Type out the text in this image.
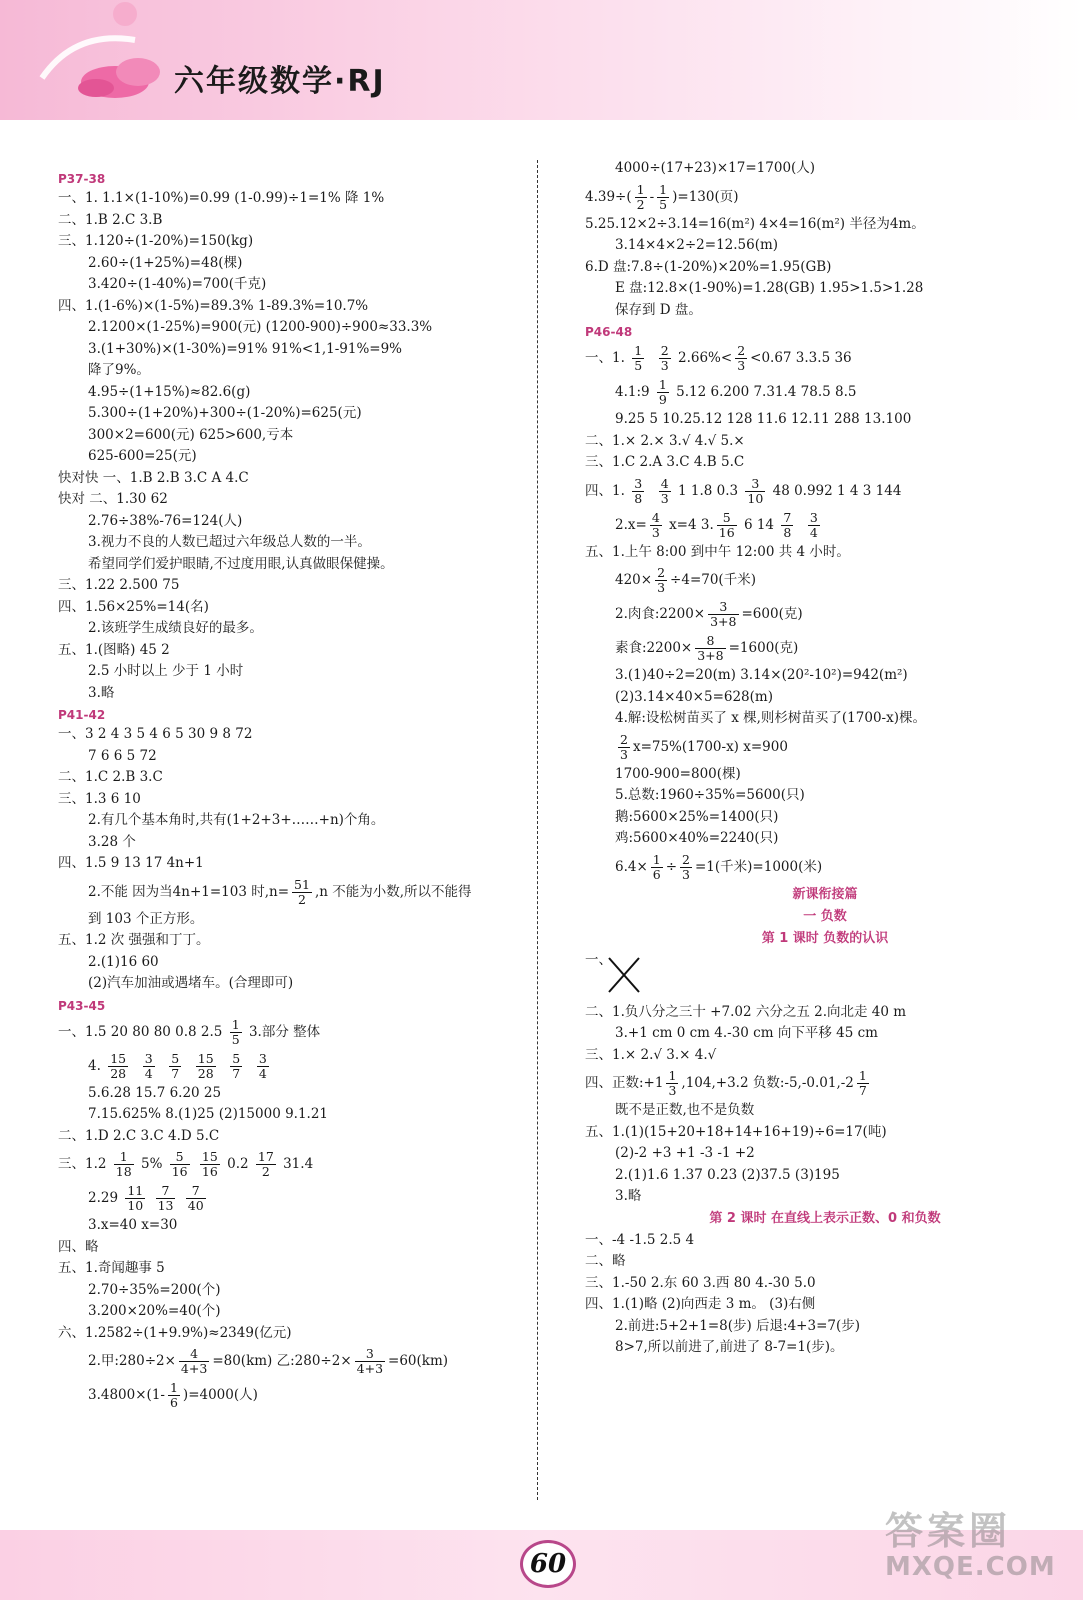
六年级数学·RJ
P37-38
一、1. 1.1×(1-10%)=0.99 (1-0.99)÷1=1% 降 1%
二、1.B 2.C 3.B
三、1.120÷(1-20%)=150(kg)
2.60÷(1+25%)=48(棵)
3.420÷(1-40%)=700(千克)
四、1.(1-6%)×(1-5%)=89.3% 1-89.3%=10.7%
2.1200×(1-25%)=900(元) (1200-900)÷900≈33.3%
3.(1+30%)×(1-30%)=91% 91%<1,1-91%=9%
降了9%。
4.95÷(1+15%)≈82.6(g)
5.300÷(1+20%)+300÷(1-20%)=625(元)
300×2=600(元) 625>600,亏本
625-600=25(元)
快对快 一、1.B 2.B 3.C A 4.C
快对 二、1.30 62
2.76÷38%-76=124(人)
3.视力不良的人数已超过六年级总人数的一半。
希望同学们爱护眼睛,不过度用眼,认真做眼保健操。
三、1.22 2.500 75
四、1.56×25%=14(名)
2.该班学生成绩良好的最多。
五、1.(图略) 45 2
2.5 小时以上 少于 1 小时
3.略
P41-42
一、3 2 4 3 5 4 6 5 30 9 8 72
7 6 6 5 72
二、1.C 2.B 3.C
三、1.3 6 10
2.有几个基本角时,共有(1+2+3+……+n)个角。
3.28 个
四、1.5 9 13 17 4n+1
2.不能 因为当4n+1=103 时$,n= \frac{51}{2} ,n$ 不能为小数,所以不能得
到 103 个正方形。
五、1.2 次 强强和丁丁。
2.(1)16 60
(2)汽车加油或遇堵车。(合理即可)
P43-45
一、1.5 20 80 80 0.8 $2.5 \frac{1}{5} 3$.部分 整体
4. $\frac{15}{28}$
$\frac{3}{4}$
$\frac{5}{7}$
$\frac{15}{28}$
$\frac{5}{7}$
$\frac{3}{4}$
5.6.28 15.7 6.20 25
7.15.625% 8.(1)25 (2)15000 9.1.21
二、1.D 2.C 3.C 4.D 5.C
三、$1.2 \frac{1}{18} 5\% \frac{5}{16}$
$\frac{15}{16} 0.2 \frac{17}{2} 31.4$
$2.29 \frac{11}{10}$
$\frac{7}{13}$
$\frac{7}{40}$
3.x=40 x=30
四、略
五、1.奇闻趣事 5
2.70÷35%=200(个)
3.200×20%=40(个)
六、1.2582÷(1+9.9%)≈2349(亿元)
2.甲:280÷2× $\frac{4}{4+3} =80(km)$ 乙:280÷2× $\frac{3}{4+3} =60(km)$
$3.4800\times(1- \frac{1}{6} )=4000$(人)
4000÷(17+23)×17=1700(人)
$4.39\div( \frac{1}{2} - \frac{1}{5} )=130$(页)
5.25.12×2÷3.14=16(m²) 4×4=16(m²) 半径为4m。
3.14×4×2÷2=12.56(m)
6.D 盘:7.8÷(1-20%)×20%=1.95(GB)
E 盘:12.8×(1-90%)=1.28(GB) 1.95>1.5>1.28
保存到 D 盘。
P46-48
一、1. $\frac{1}{5}$
$\frac{2}{3} 2.66\%< \frac{2}{3} <0.67$ 3.3.5 36
4.1:9 $\frac{1}{9} 5.12$ 6.200 7.31.4 78.5 8.5
9.25 5 10.25.12 128 11.6 12.11 288 13.100
二、1.× 2.× 3.√ 4.√ 5.×
三、1.C 2.A 3.C 4.B 5.C
四、1. $\frac{3}{8}$
$\frac{4}{3} 1$ 1.8 $0.3 \frac{3}{10} 48$ 0.992 1 4 3 144
$2.x= \frac{4}{3} x=4$ 3. $\frac{5}{16} 6$ $14 \frac{7}{8}$
$\frac{3}{4}$
五、1.上午 8:00 到中午 12:00 共 4 小时。
$420\times \frac{2}{3} \div 4=70$(千米)
2.肉食:2200× $\frac{3}{3+8} =600$(克)
素食:2200× $\frac{8}{3+8} =1600$(克)
3.(1)40÷2=20(m) 3.14×(20²-10²)=942(m²)
(2)3.14×40×5=628(m)
4.解:设松树苗买了 x 棵,则杉树苗买了(1700-x)棵。
$\frac{2}{3} x=75\%(1700-x)$ x=900
1700-900=800(棵)
5.总数:1960÷35%=5600(只)
鹅:5600×25%=1400(只)
鸡:5600×40%=2240(只)
$6.4\times \frac{1}{6} \div \frac{2}{3} =1$(千米)=1000(米)
新课衔接篇
一 负数
第 1 课时 负数的认识
一、
二、1.负八分之三十 +7.02 六分之五 2.向北走 40 m
3.+1 cm 0 cm 4.-30 cm 向下平移 45 cm
三、1.× 2.√ 3.× 4.√
四、正数:+1 $\frac{1}{3} ,104,+3.2$ 负数:-5,-0.01,-2 $\frac{1}{7}$
既不是正数,也不是负数
五、1.(1)(15+20+18+14+16+19)÷6=17(吨)
(2)-2 +3 +1 -3 -1 +2
2.(1)1.6 1.37 0.23 (2)37.5 (3)195
3.略
第 2 课时 在直线上表示正数、0 和负数
一、-4 -1.5 2.5 4
二、略
三、1.-50 2.东 60 3.西 80 4.-30 5.0
四、1.(1)略 (2)向西走 3 m。 (3)右侧
2.前进:5+2+1=8(步) 后退:4+3=7(步)
8>7,所以前进了,前进了 8-7=1(步)。
60
答案圈
MXQE.COM
